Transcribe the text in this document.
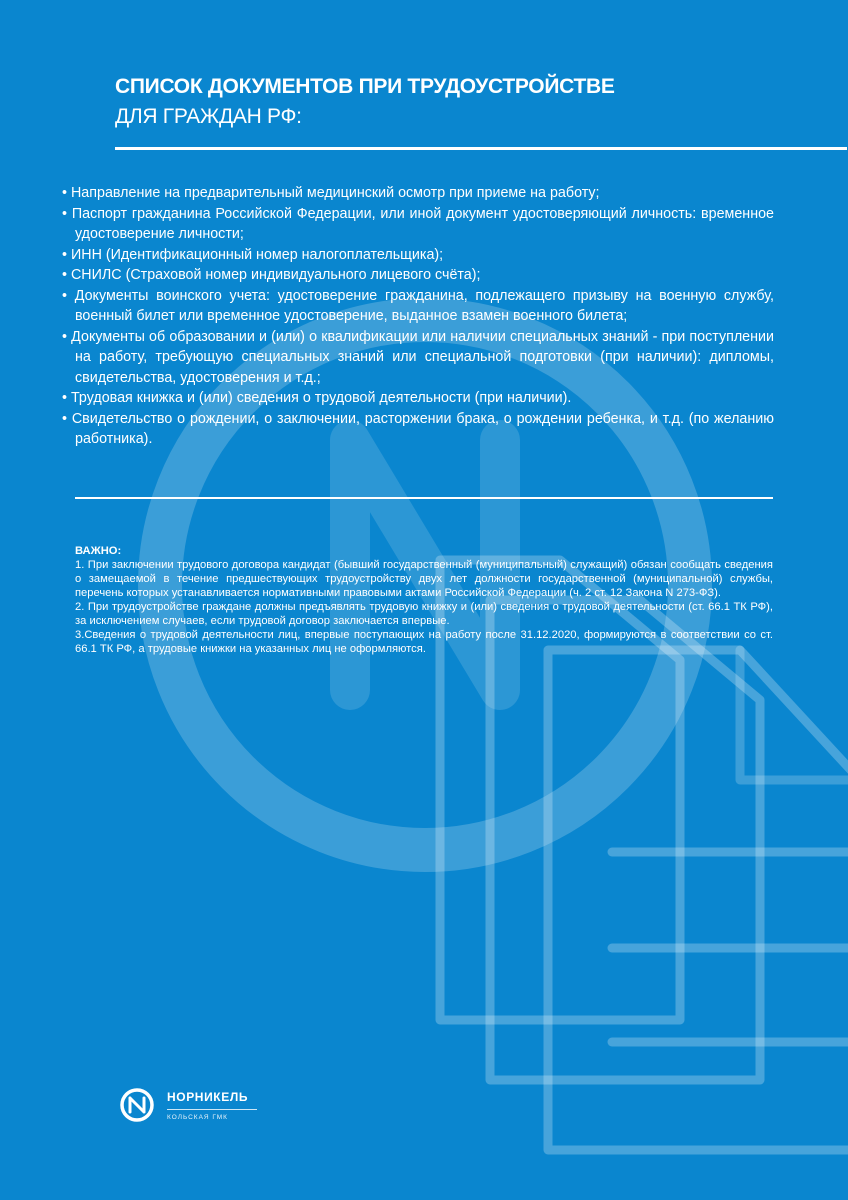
СПИСОК ДОКУМЕНТОВ ПРИ ТРУДОУСТРОЙСТВЕ
ДЛЯ ГРАЖДАН РФ:
• Направление на предварительный медицинский осмотр при приеме на работу;
• Паспорт гражданина Российской Федерации, или иной документ удостоверяющий личность: временное удостоверение личности;
• ИНН (Идентификационный номер налогоплательщика);
• СНИЛС (Страховой номер индивидуального лицевого счёта);
• Документы воинского учета: удостоверение гражданина, подлежащего призыву на военную службу, военный билет или временное удостоверение, выданное взамен военного билета;
• Документы об образовании и (или) о квалификации или наличии специальных знаний - при поступлении на работу, требующую специальных знаний или специальной подготовки (при наличии): дипломы, свидетельства, удостоверения и т.д.;
• Трудовая книжка и (или) сведения о трудовой деятельности (при наличии).
• Свидетельство о рождении, о заключении, расторжении брака, о рождении ребенка, и т.д. (по желанию работника).

ВАЖНО:

1. При заключении трудового договора кандидат (бывший государственный (муниципальный) служащий) обязан сообщать сведения о замещаемой в течение предшествующих трудоустройству двух лет должности государственной (муниципальной) службы, перечень которых устанавливается нормативными правовыми актами Российской Федерации (ч. 2 ст. 12 Закона N 273-ФЗ).

2. При трудоустройстве граждане должны предъявлять трудовую книжку и (или) сведения о трудовой деятельности (ст. 66.1 ТК РФ), за исключением случаев, если трудовой договор заключается впервые.

3.Сведения о трудовой деятельности лиц, впервые поступающих на работу после 31.12.2020, формируются в соответствии со ст. 66.1 ТК РФ, а трудовые книжки на указанных лиц не оформляются.

НОРНИКЕЛЬ
КОЛЬСКАЯ ГМК
